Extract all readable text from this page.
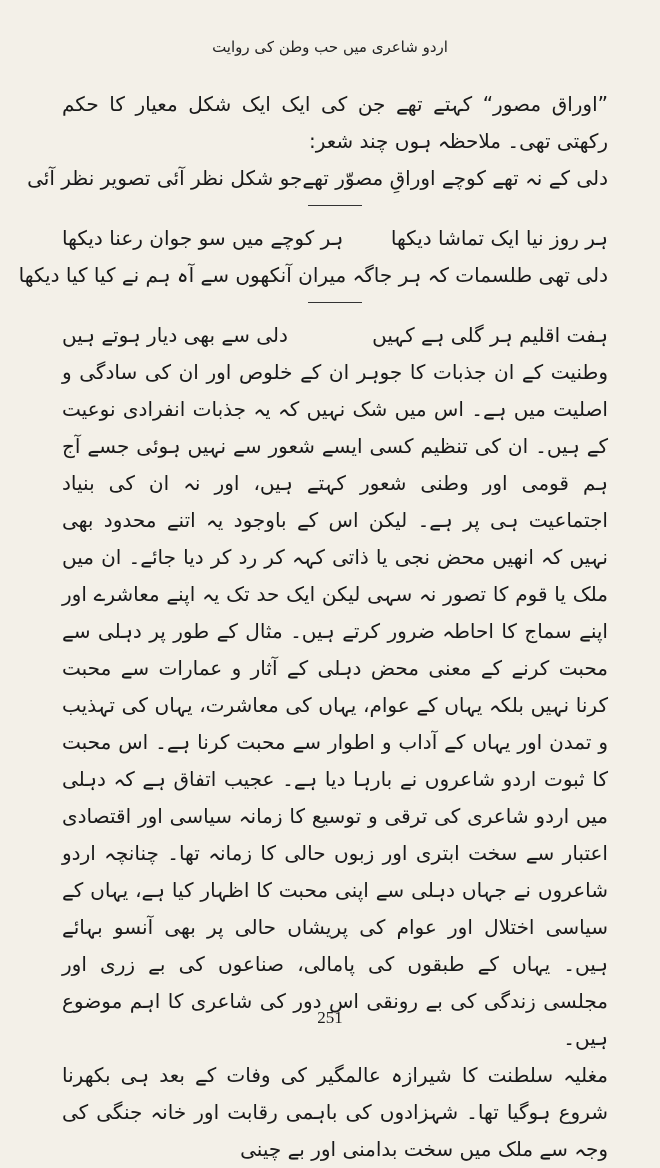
اردو شاعری میں حب وطن کی روایت

”اوراق مصور“ کہتے تھے جن کی ایک ایک شکل معیار کا حکم رکھتی تھی۔ ملاحظہ ہوں چند شعر:

دلی کے نہ تھے کوچے اوراقِ مصوّر تھے
جو شکل نظر آئی تصویر نظر آئی
ہر روز نیا ایک تماشا دیکھا
ہر کوچے میں سو جوان رعنا دیکھا
دلی تھی طلسمات کہ ہر جاگہ میر
ان آنکھوں سے آہ ہم نے کیا کیا دیکھا
ہفت اقلیم ہر گلی ہے کہیں
دلی سے بھی دیار ہوتے ہیں

وطنیت کے ان جذبات کا جوہر ان کے خلوص اور ان کی سادگی و اصلیت میں ہے۔ اس میں شک نہیں کہ یہ جذبات انفرادی نوعیت کے ہیں۔ ان کی تنظیم کسی ایسے شعور سے نہیں ہوئی جسے آج ہم قومی اور وطنی شعور کہتے ہیں، اور نہ ان کی بنیاد اجتماعیت ہی پر ہے۔ لیکن اس کے باوجود یہ اتنے محدود بھی نہیں کہ انھیں محض نجی یا ذاتی کہہ کر رد کر دیا جائے۔ ان میں ملک یا قوم کا تصور نہ سہی لیکن ایک حد تک یہ اپنے معاشرے اور اپنے سماج کا احاطہ ضرور کرتے ہیں۔ مثال کے طور پر دہلی سے محبت کرنے کے معنی محض دہلی کے آثار و عمارات سے محبت کرنا نہیں بلکہ یہاں کے عوام، یہاں کی معاشرت، یہاں کی تہذیب و تمدن اور یہاں کے آداب و اطوار سے محبت کرنا ہے۔ اس محبت کا ثبوت اردو شاعروں نے بارہا دیا ہے۔ عجیب اتفاق ہے کہ دہلی میں اردو شاعری کی ترقی و توسیع کا زمانہ سیاسی اور اقتصادی اعتبار سے سخت ابتری اور زبوں حالی کا زمانہ تھا۔ چنانچہ اردو شاعروں نے جہاں دہلی سے اپنی محبت کا اظہار کیا ہے، یہاں کے سیاسی اختلال اور عوام کی پریشاں حالی پر بھی آنسو بہائے ہیں۔ یہاں کے طبقوں کی پامالی، صناعوں کی بے زری اور مجلسی زندگی کی بے رونقی اس دور کی شاعری کا اہم موضوع ہیں۔

مغلیہ سلطنت کا شیرازہ عالمگیر کی وفات کے بعد ہی بکھرنا شروع ہوگیا تھا۔ شہزادوں کی باہمی رقابت اور خانہ جنگی کی وجہ سے ملک میں سخت بدامنی اور بے چینی

251
